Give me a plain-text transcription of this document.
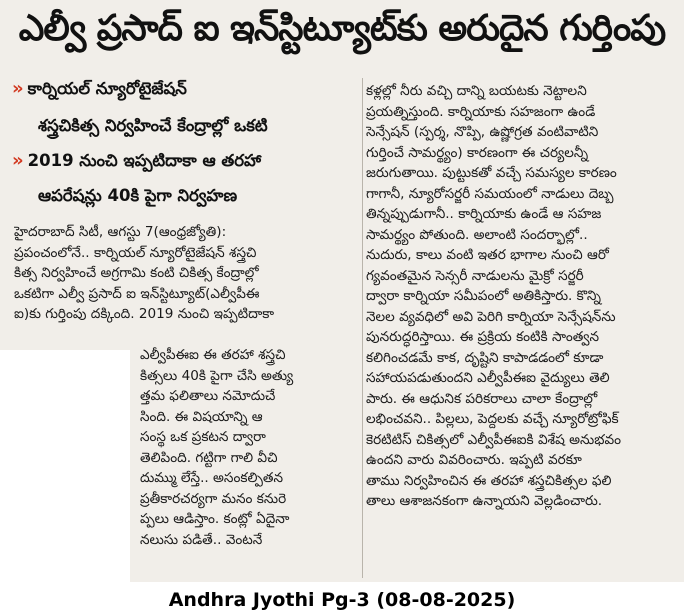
ఎల్వీ ప్రసాద్ ఐ ఇన్‌స్టిట్యూట్‌కు అరుదైన గుర్తింపు
» కార్నియల్ న్యూరోటైజేషన్
శస్త్రచికిత్స నిర్వహించే కేంద్రాల్లో ఒకటి
» 2019 నుంచి ఇప్పటిదాకా ఆ తరహా
ఆపరేషన్లు 40కి పైగా నిర్వహణ
హైదరాబాద్ సిటీ, ఆగస్టు 7(ఆంధ్రజ్యోతి):
ప్రపంచంలోనే.. కార్నియల్ న్యూరోటైజేషన్ శస్త్రచి
కిత్స నిర్వహించే అగ్రగామి కంటి చికిత్స కేంద్రాల్లో
ఒకటిగా ఎల్వీ ప్రసాద్ ఐ ఇన్‌స్టిట్యూట్(ఎల్వీపీఈ
ఐ)కు గుర్తింపు దక్కింది. 2019 నుంచి ఇప్పటిదాకా
ఎల్వీపీఈఐ ఈ తరహా శస్త్రచి
కిత్సలు 40కి పైగా చేసి అత్యు
త్తమ ఫలితాలు నమోదుచే
సింది. ఈ విషయాన్ని ఆ
సంస్థ ఒక ప్రకటన ద్వారా
తెలిపింది. గట్టిగా గాలి వీచి
దుమ్ము లేస్తే.. అసంకల్పితన
ప్రతీకారచర్యగా మనం కనురె
ప్పలు ఆడిస్తాం. కంట్లో ఏదైనా
నలుసు పడితే.. వెంటనే
కళ్లల్లో నీరు వచ్చి దాన్ని బయటకు నెట్టాలని
ప్రయత్నిస్తుంది. కార్నియాకు సహజంగా ఉండే
సెన్సేషన్ (స్పర్శ, నొప్పి, ఉష్ణోగ్రత వంటివాటిని
గుర్తించే సామర్థ్యం) కారణంగా ఈ చర్యలన్నీ
జరుగుతాయి. పుట్టుకతో వచ్చే సమస్యల కారణం
గాగానీ, న్యూరోసర్జరీ సమయంలో నాడులు దెబ్బ
తిన్నప్పుడుగానీ.. కార్నియాకు ఉండే ఆ సహజ
సామర్థ్యం పోతుంది. అలాంటి సందర్భాల్లో..
నుదురు, కాలు వంటి ఇతర భాగాల నుంచి ఆరో
గ్యవంతమైన సెన్సరీ నాడులను మైక్రో సర్జరీ
ద్వారా కార్నియా సమీపంలో అతికిస్తారు. కొన్ని
నెలల వ్యవధిలో అవి పెరిగి కార్నియా సెన్సేషన్‌ను
పునరుద్ధరిస్తాయి. ఈ ప్రక్రియ కంటికి సాంత్వన
కలిగించడమే కాక, దృష్టిని కాపాడడంలో కూడా
సహాయపడుతుందని ఎల్వీపీఈఐ వైద్యులు తెలి
పారు. ఈ ఆధునిక పరికరాలు చాలా కేంద్రాల్లో
లభించవని.. పిల్లలు, పెద్దలకు వచ్చే న్యూరోట్రోఫిక్
కెరటిటిస్ చికిత్సలో ఎల్వీపీఈఐకి విశేష అనుభవం
ఉందని వారు వివరించారు. ఇప్పటి వరకూ
తాము నిర్వహించిన ఈ తరహా శస్త్రచికిత్సల ఫలి
తాలు ఆశాజనకంగా ఉన్నాయని వెల్లడించారు.
Andhra Jyothi Pg-3 (08-08-2025)
